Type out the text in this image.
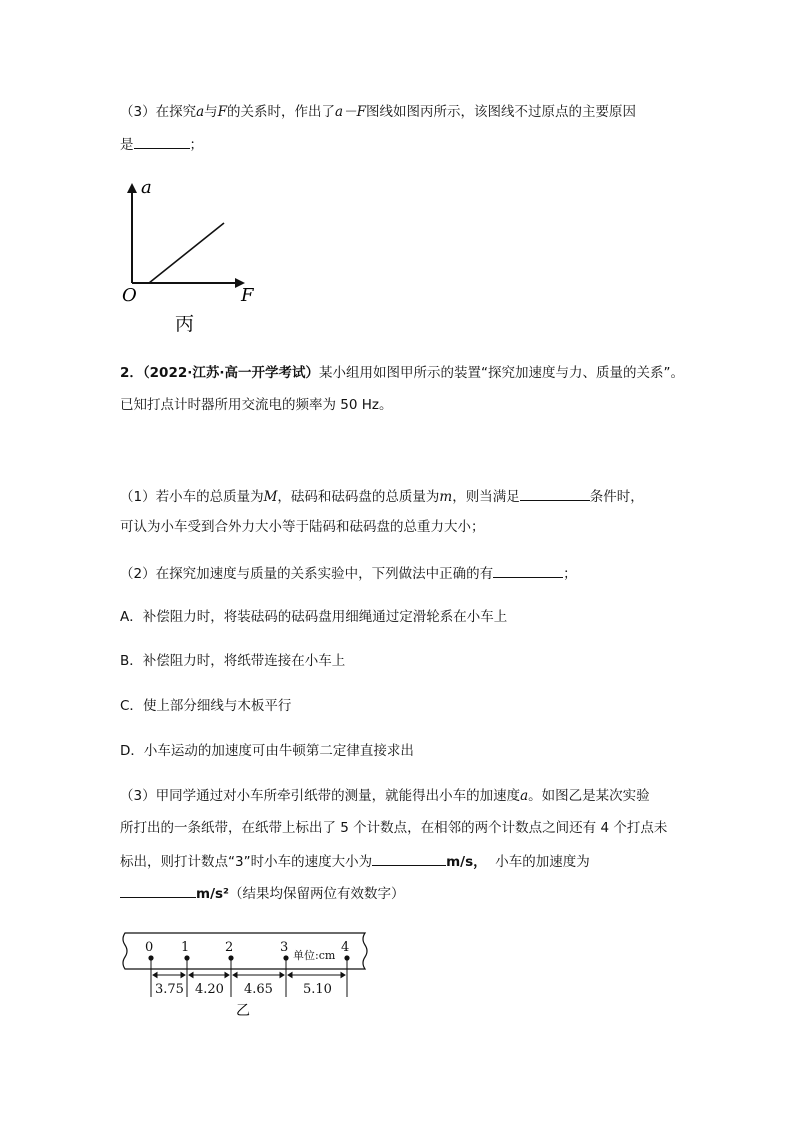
（3）在探究a与F的关系时，作出了a－F图线如图丙所示，该图线不过原点的主要原因
是	；
a
F
O
丙
2．（2022·江苏·高一开学考试）某小组用如图甲所示的装置“探究加速度与力、质量的关系”。
已知打点计时器所用交流电的频率为 50 Hz。
（1）若小车的总质量为M，砝码和砝码盘的总质量为m，则当满足	条件时，
可认为小车受到合外力大小等于陆码和砝码盘的总重力大小；
（2）在探究加速度与质量的关系实验中，下列做法中正确的有	；
A．补偿阻力时，将装砝码的砝码盘用细绳通过定滑轮系在小车上
B．补偿阻力时，将纸带连接在小车上
C．使上部分细线与木板平行
D．小车运动的加速度可由牛顿第二定律直接求出
（3）甲同学通过对小车所牵引纸带的测量，就能得出小车的加速度a。如图乙是某次实验
所打出的一条纸带，在纸带上标出了 5 个计数点，在相邻的两个计数点之间还有 4 个打点未
标出，则打计数点“3”时小车的速度大小为	m/s， 小车的加速度为
m/s²（结果均保留两位有效数字）
0 1	2	3	4
单位:cm
3.75 4.20 4.65 5.10
乙
